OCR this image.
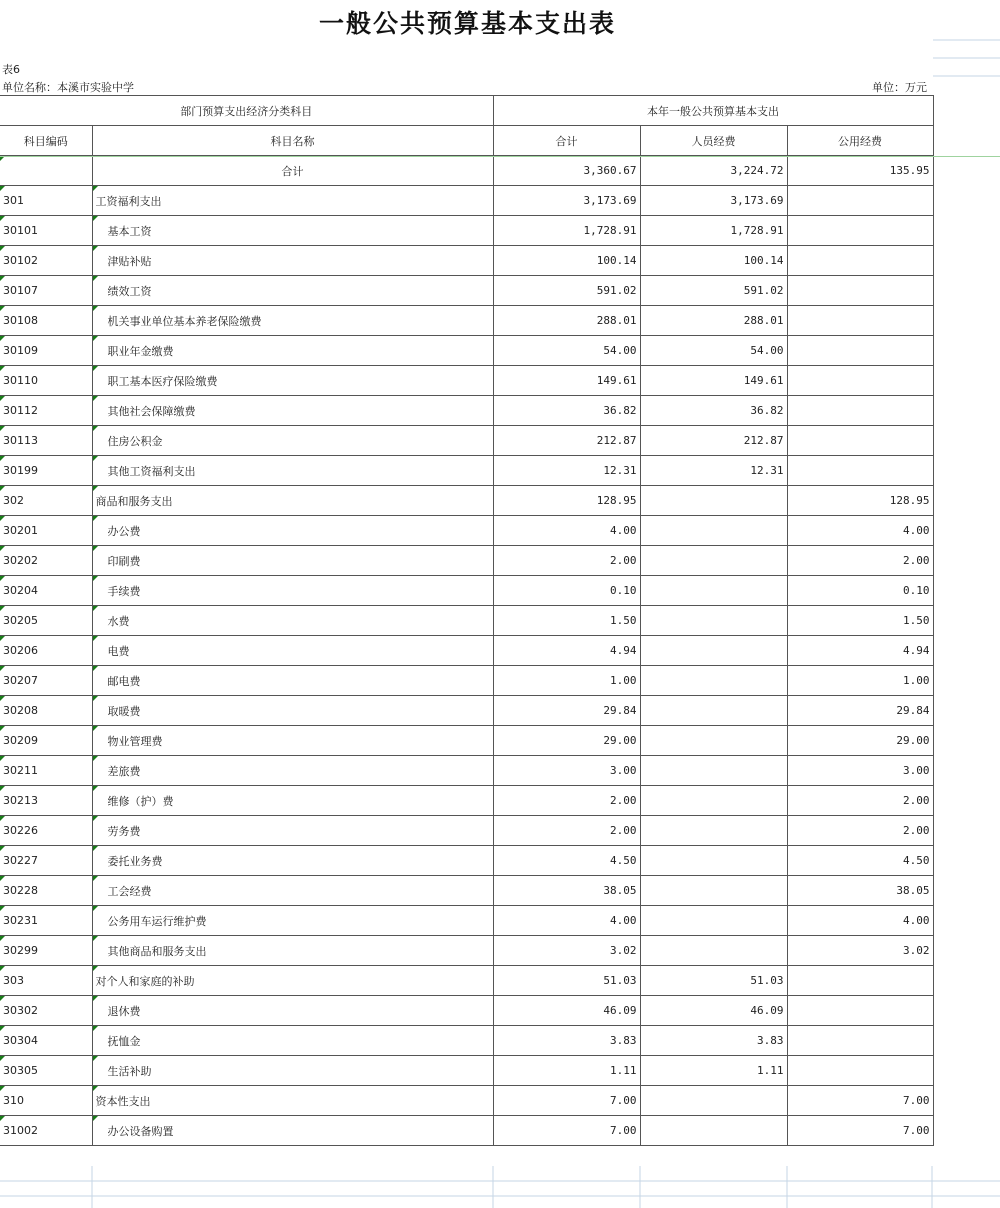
一般公共预算基本支出表
表6
单位名称：本溪市实验中学	单位：万元
部门预算支出经济分类科目		本年一般公共预算基本支出		
科目编码	科目名称	合计	人员经费	公用经费

	合计	3,360.67	3,224.72	135.95

301	工资福利支出	3,173.69	3,173.69	

30101	基本工资	1,728.91	1,728.91	

30102	津贴补贴	100.14	100.14	

30107	绩效工资	591.02	591.02	

30108	机关事业单位基本养老保险缴费	288.01	288.01	

30109	职业年金缴费	54.00	54.00	

30110	职工基本医疗保险缴费	149.61	149.61	

30112	其他社会保障缴费	36.82	36.82	

30113	住房公积金	212.87	212.87	

30199	其他工资福利支出	12.31	12.31	

302	商品和服务支出	128.95		128.95

30201	办公费	4.00		4.00

30202	印刷费	2.00		2.00

30204	手续费	0.10		0.10

30205	水费	1.50		1.50

30206	电费	4.94		4.94

30207	邮电费	1.00		1.00

30208	取暖费	29.84		29.84

30209	物业管理费	29.00		29.00

30211	差旅费	3.00		3.00

30213	维修（护）费	2.00		2.00

30226	劳务费	2.00		2.00

30227	委托业务费	4.50		4.50

30228	工会经费	38.05		38.05

30231	公务用车运行维护费	4.00		4.00

30299	其他商品和服务支出	3.02		3.02

303	对个人和家庭的补助	51.03	51.03	

30302	退休费	46.09	46.09	

30304	抚恤金	3.83	3.83	

30305	生活补助	1.11	1.11	

310	资本性支出	7.00		7.00

31002	办公设备购置	7.00		7.00
